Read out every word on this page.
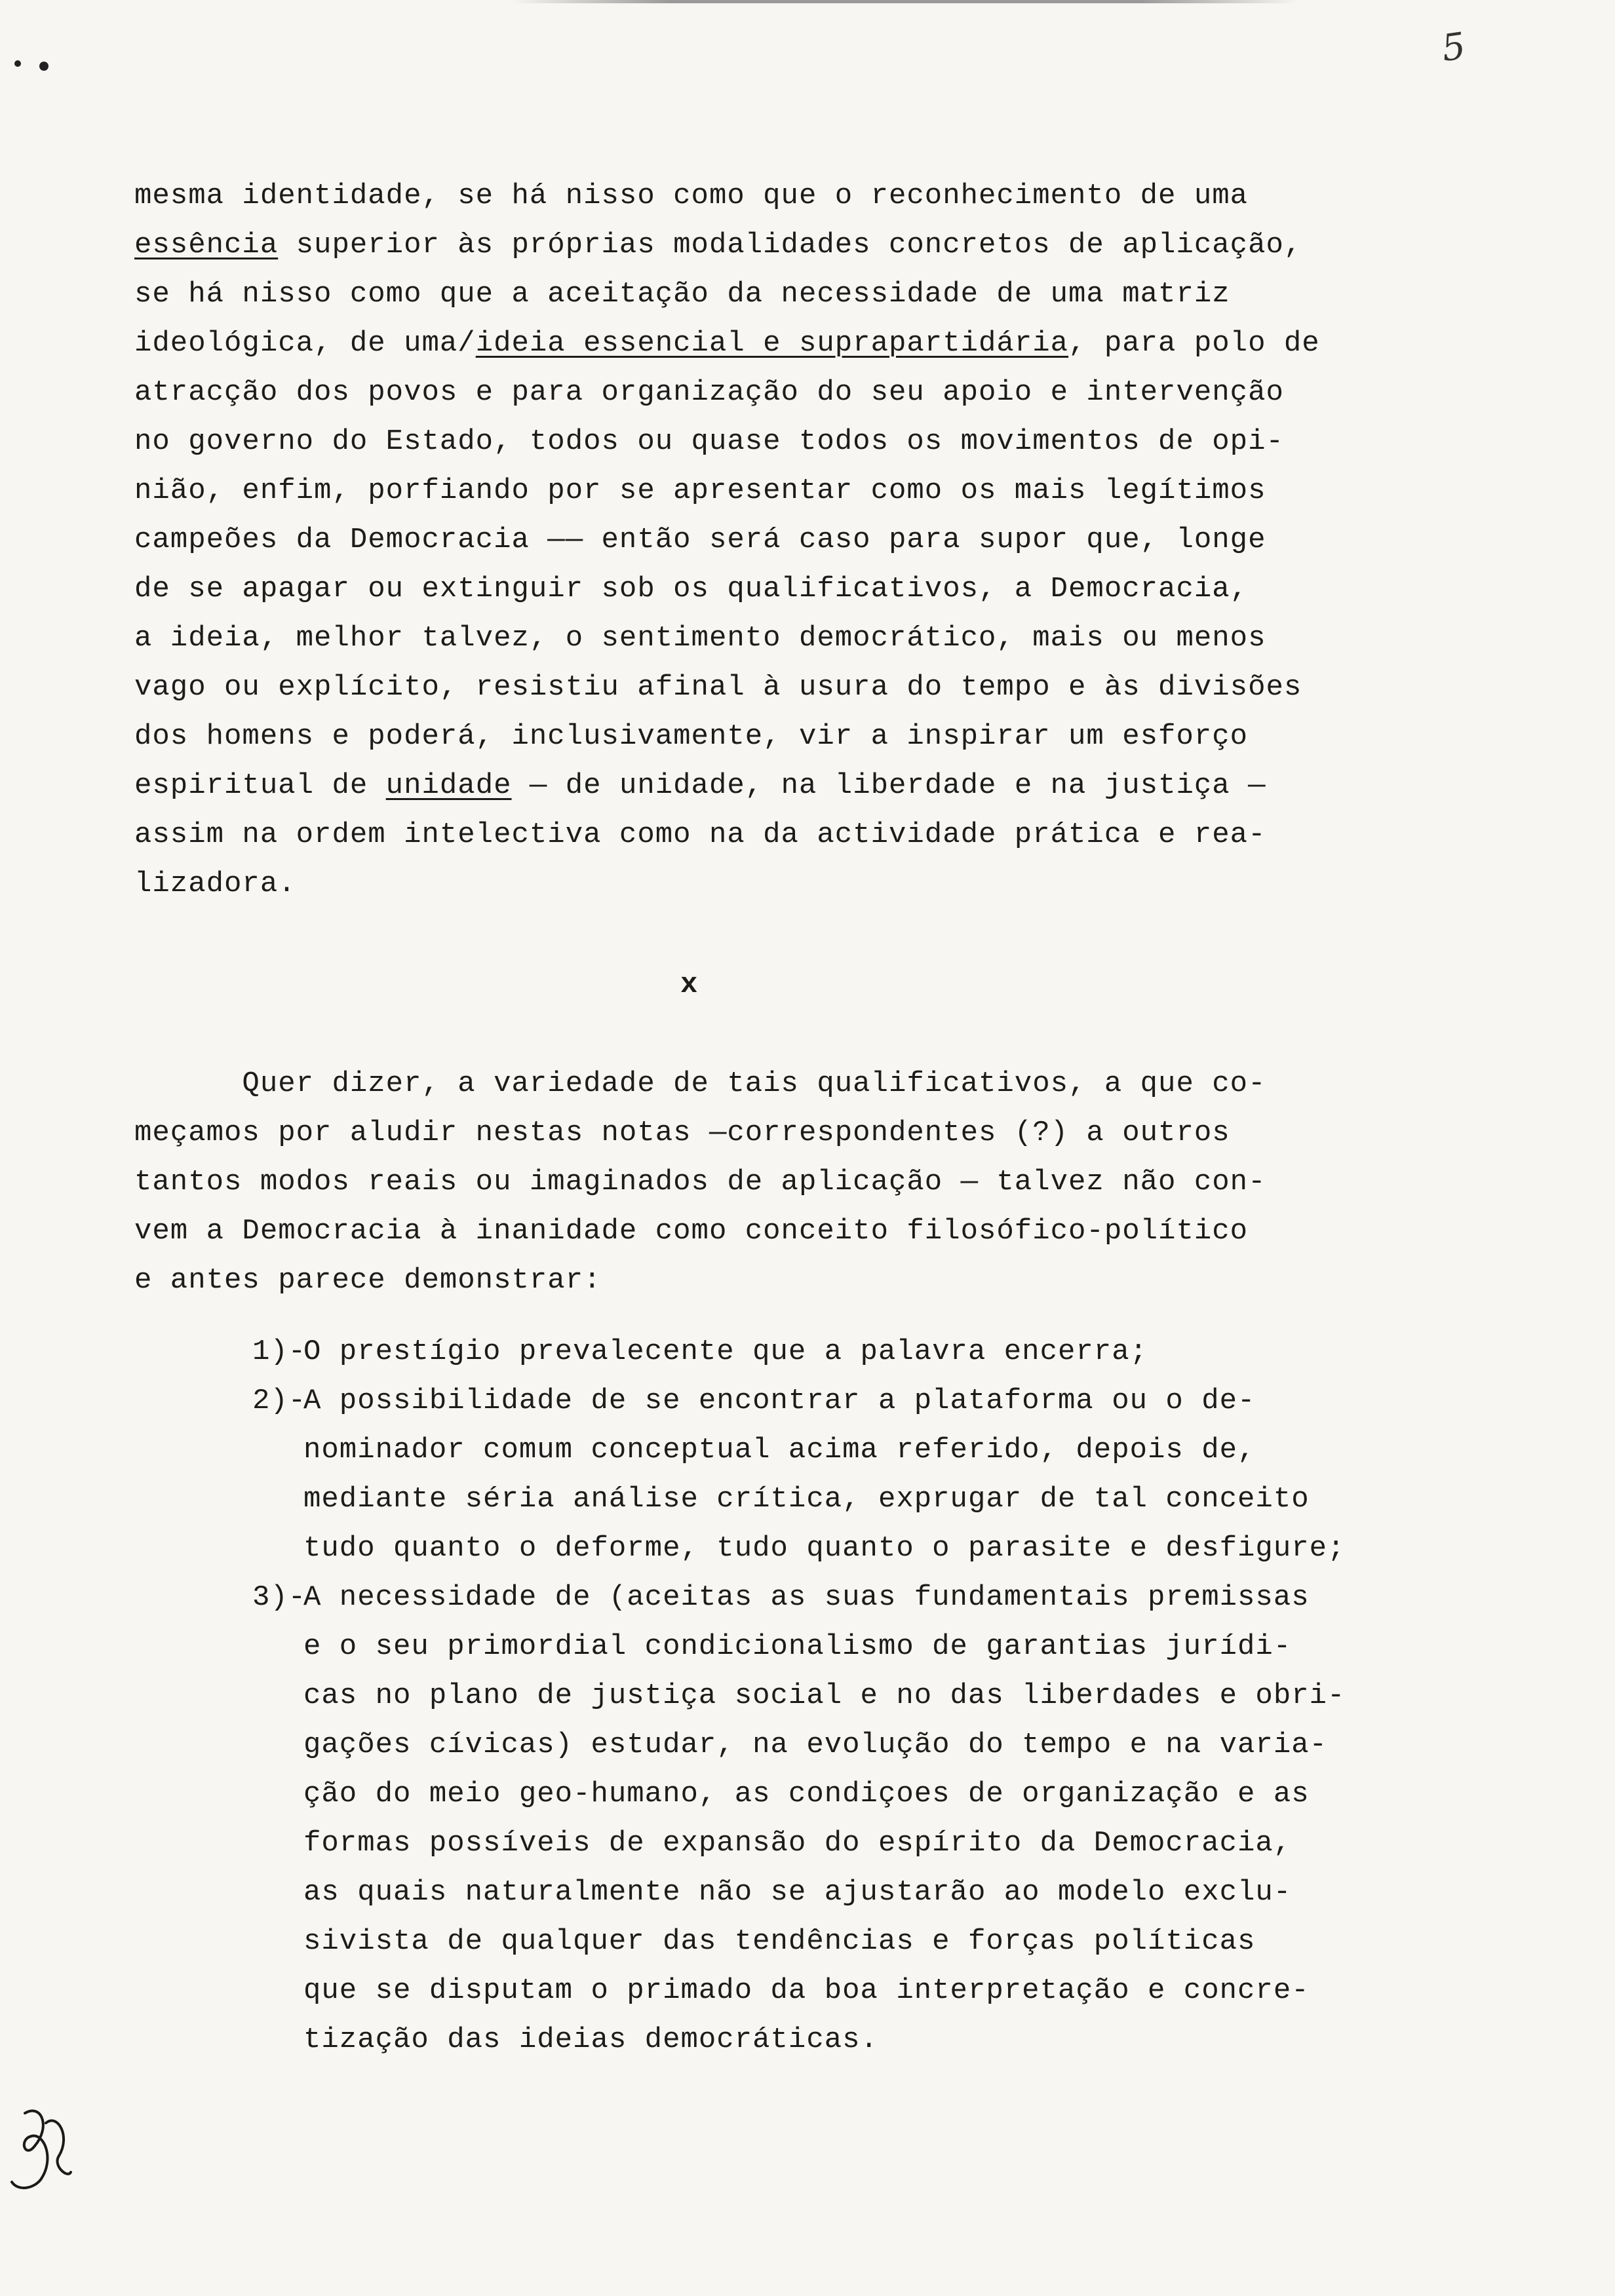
5
mesma identidade, se há nisso como que o reconhecimento de uma
essência superior às próprias modalidades concretos de aplicação,
se há nisso como que a aceitação da necessidade de uma matriz
ideológica, de uma/ideia essencial e suprapartidária, para polo de
atracção dos povos e para organização do seu apoio e intervenção
no governo do Estado, todos ou quase todos os movimentos de opi-
nião, enfim, porfiando por se apresentar como os mais legítimos
campeões da Democracia —— então será caso para supor que, longe
de se apagar ou extinguir sob os qualificativos, a Democracia,
a ideia, melhor talvez, o sentimento democrático, mais ou menos
vago ou explícito, resistiu afinal à usura do tempo e às divisões
dos homens e poderá, inclusivamente, vir a inspirar um esforço
espiritual de unidade — de unidade, na liberdade e na justiça —
assim na ordem intelectiva como na da actividade prática e rea-
lizadora.
x
Quer dizer, a variedade de tais qualificativos, a que co-
meçamos por aludir nestas notas —correspondentes (?) a outros
tantos modos reais ou imaginados de aplicação — talvez não con-
vem a Democracia à inanidade como conceito filosófico-político
e antes parece demonstrar:
1)-O prestígio prevalecente que a palavra encerra;
2)-A possibilidade de se encontrar a plataforma ou o de-
nominador comum conceptual acima referido, depois de,
mediante séria análise crítica, exprugar de tal conceito
tudo quanto o deforme, tudo quanto o parasite e desfigure;
3)-A necessidade de (aceitas as suas fundamentais premissas
e o seu primordial condicionalismo de garantias jurídi-
cas no plano de justiça social e no das liberdades e obri-
gações cívicas) estudar, na evolução do tempo e na varia-
ção do meio geo-humano, as condiçoes de organização e as
formas possíveis de expansão do espírito da Democracia,
as quais naturalmente não se ajustarão ao modelo exclu-
sivista de qualquer das tendências e forças políticas
que se disputam o primado da boa interpretação e concre-
tização das ideias democráticas.
